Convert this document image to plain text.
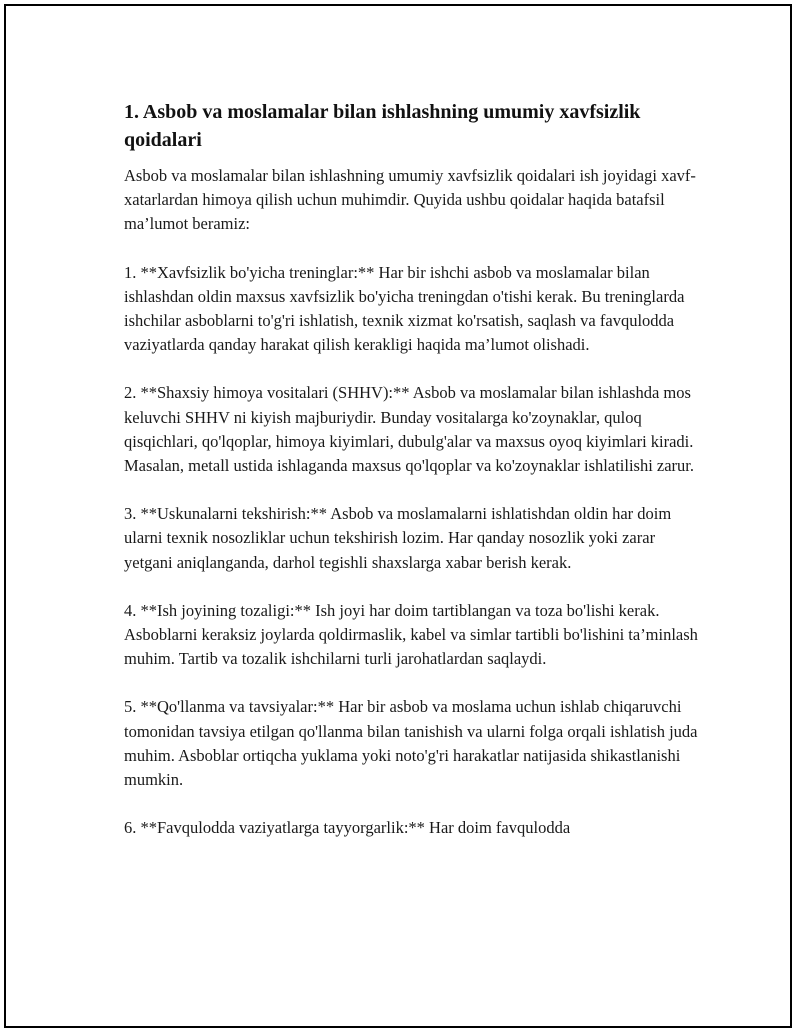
1. Asbob va moslamalar bilan ishlashning umumiy xavfsizlik qoidalari

Asbob va moslamalar bilan ishlashning umumiy xavfsizlik qoidalari ish joyidagi xavf-xatarlardan himoya qilish uchun muhimdir. Quyida ushbu qoidalar haqida batafsil ma’lumot beramiz:

1. **Xavfsizlik bo'yicha treninglar:** Har bir ishchi asbob va moslamalar bilan ishlashdan oldin maxsus xavfsizlik bo'yicha treningdan o'tishi kerak. Bu treninglarda ishchilar asboblarni to'g'ri ishlatish, texnik xizmat ko'rsatish, saqlash va favqulodda vaziyatlarda qanday harakat qilish kerakligi haqida ma’lumot olishadi.

2. **Shaxsiy himoya vositalari (SHHV):** Asbob va moslamalar bilan ishlashda mos keluvchi SHHV ni kiyish majburiydir. Bunday vositalarga ko'zoynaklar, quloq qisqichlari, qo'lqoplar, himoya kiyimlari, dubulg'alar va maxsus oyoq kiyimlari kiradi. Masalan, metall ustida ishlaganda maxsus qo'lqoplar va ko'zoynaklar ishlatilishi zarur.

3. **Uskunalarni tekshirish:** Asbob va moslamalarni ishlatishdan oldin har doim ularni texnik nosozliklar uchun tekshirish lozim. Har qanday nosozlik yoki zarar yetgani aniqlanganda, darhol tegishli shaxslarga xabar berish kerak.

4. **Ish joyining tozaligi:** Ish joyi har doim tartiblangan va toza bo'lishi kerak. Asboblarni keraksiz joylarda qoldirmaslik, kabel va simlar tartibli bo'lishini ta’minlash muhim. Tartib va tozalik ishchilarni turli jarohatlardan saqlaydi.

5. **Qo'llanma va tavsiyalar:** Har bir asbob va moslama uchun ishlab chiqaruvchi tomonidan tavsiya etilgan qo'llanma bilan tanishish va ularni folga orqali ishlatish juda muhim. Asboblar ortiqcha yuklama yoki noto'g'ri harakatlar natijasida shikastlanishi mumkin.

6. **Favqulodda vaziyatlarga tayyorgarlik:** Har doim favqulodda
